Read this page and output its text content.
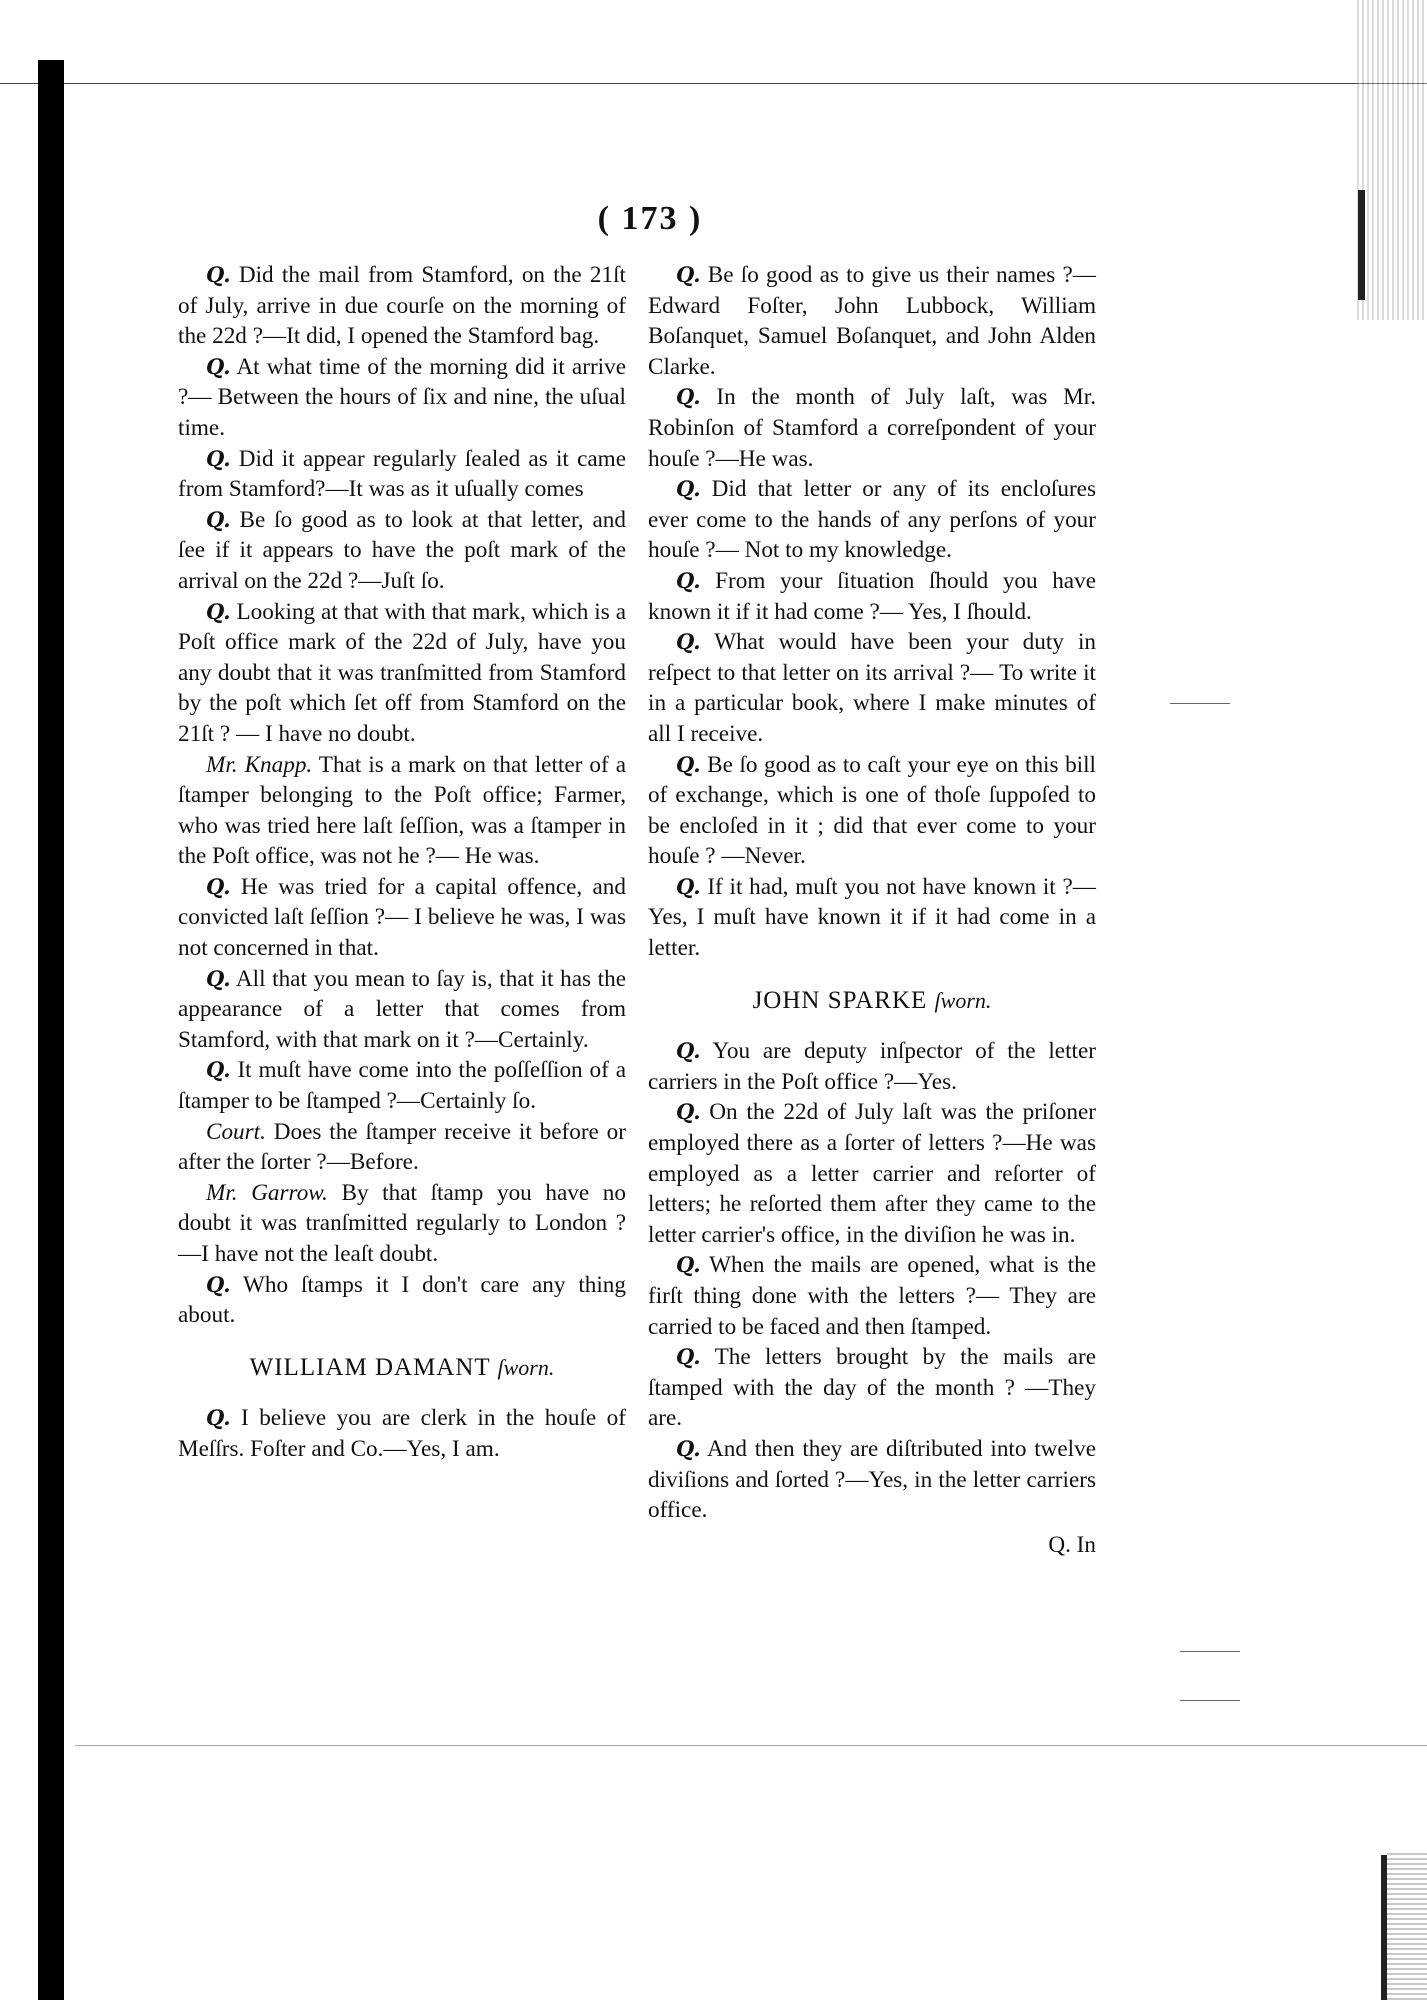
( 173 )

Q. Did the mail from Stamford, on the 21ſt of July, arrive in due courſe on the morning of the 22d ?—It did, I opened the Stamford bag.

Q. At what time of the morning did it arrive ?— Between the hours of ſix and nine, the uſual time.

Q. Did it appear regularly ſealed as it came from Stamford?—It was as it uſually comes

Q. Be ſo good as to look at that letter, and ſee if it appears to have the poſt mark of the arrival on the 22d ?—Juſt ſo.

Q. Looking at that with that mark, which is a Poſt office mark of the 22d of July, have you any doubt that it was tranſmitted from Stamford by the poſt which ſet off from Stamford on the 21ſt ? — I have no doubt.

Mr. Knapp. That is a mark on that letter of a ſtamper belonging to the Poſt office; Farmer, who was tried here laſt ſeſſion, was a ſtamper in the Poſt office, was not he ?— He was.

Q. He was tried for a capital offence, and convicted laſt ſeſſion ?— I believe he was, I was not concerned in that.

Q. All that you mean to ſay is, that it has the appearance of a letter that comes from Stamford, with that mark on it ?—Certainly.

Q. It muſt have come into the poſſeſſion of a ſtamper to be ſtamped ?—Certainly ſo.

Court. Does the ſtamper receive it before or after the ſorter ?—Before.

Mr. Garrow. By that ſtamp you have no doubt it was tranſmitted regularly to London ?—I have not the leaſt doubt.

Q. Who ſtamps it I don't care any thing about.

WILLIAM DAMANT ſworn.

Q. I believe you are clerk in the houſe of Meſſrs. Foſter and Co.—Yes, I am.

Q. Be ſo good as to give us their names ?—Edward Foſter, John Lubbock, William Boſanquet, Samuel Boſanquet, and John Alden Clarke.

Q. In the month of July laſt, was Mr. Robinſon of Stamford a correſpondent of your houſe ?—He was.

Q. Did that letter or any of its encloſures ever come to the hands of any perſons of your houſe ?— Not to my knowledge.

Q. From your ſituation ſhould you have known it if it had come ?— Yes, I ſhould.

Q. What would have been your duty in reſpect to that letter on its arrival ?— To write it in a particular book, where I make minutes of all I receive.

Q. Be ſo good as to caſt your eye on this bill of exchange, which is one of thoſe ſuppoſed to be encloſed in it ; did that ever come to your houſe ? —Never.

Q. If it had, muſt you not have known it ?—Yes, I muſt have known it if it had come in a letter.

JOHN SPARKE ſworn.

Q. You are deputy inſpector of the letter carriers in the Poſt office ?—Yes.

Q. On the 22d of July laſt was the priſoner employed there as a ſorter of letters ?—He was employed as a letter carrier and reſorter of letters; he reſorted them after they came to the letter carrier's office, in the diviſion he was in.

Q. When the mails are opened, what is the firſt thing done with the letters ?— They are carried to be faced and then ſtamped.

Q. The letters brought by the mails are ſtamped with the day of the month ? —They are.

Q. And then they are diſtributed into twelve diviſions and ſorted ?—Yes, in the letter carriers office.

Q. In
